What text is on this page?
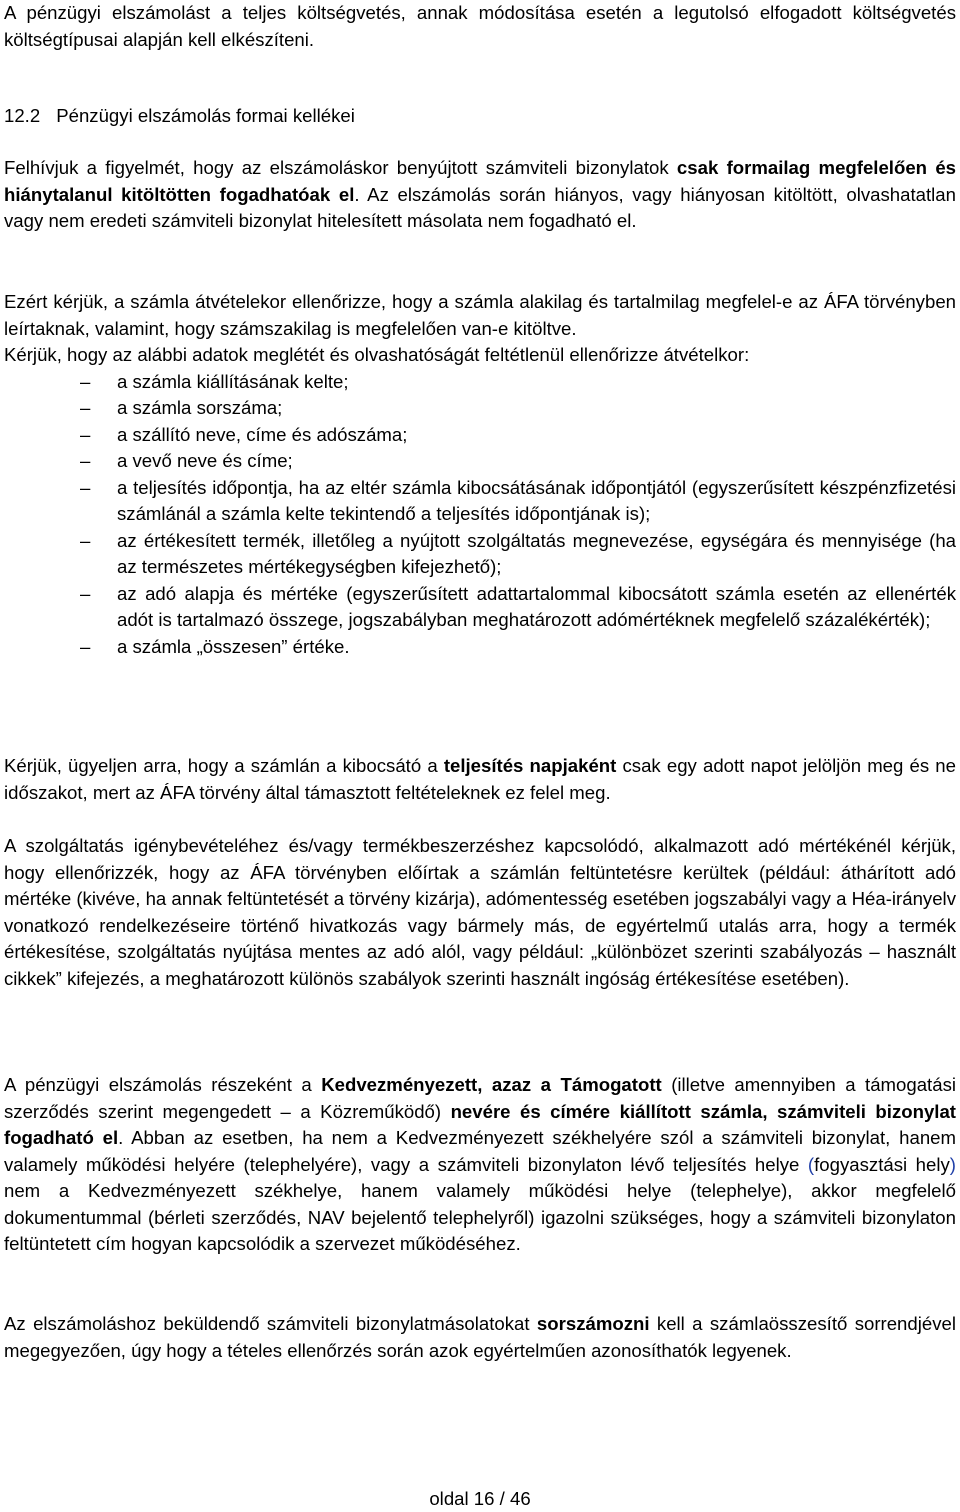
A pénzügyi elszámolást a teljes költségvetés, annak módosítása esetén a legutolsó elfogadott költségvetés költségtípusai alapján kell elkészíteni.

12.2 Pénzügyi elszámolás formai kellékei

Felhívjuk a figyelmét, hogy az elszámoláskor benyújtott számviteli bizonylatok csak formailag megfelelően és hiánytalanul kitöltötten fogadhatóak el. Az elszámolás során hiányos, vagy hiányosan kitöltött, olvashatatlan vagy nem eredeti számviteli bizonylat hitelesített másolata nem fogadható el.

Ezért kérjük, a számla átvételekor ellenőrizze, hogy a számla alakilag és tartalmilag megfelel-e az ÁFA törvényben leírtaknak, valamint, hogy számszakilag is megfelelően van-e kitöltve.

Kérjük, hogy az alábbi adatok meglétét és olvashatóságát feltétlenül ellenőrizze átvételkor:

– a számla kiállításának kelte;
– a számla sorszáma;
– a szállító neve, címe és adószáma;
– a vevő neve és címe;
– a teljesítés időpontja, ha az eltér számla kibocsátásának időpontjától (egyszerűsített készpénzfizetési számlánál a számla kelte tekintendő a teljesítés időpontjának is);
– az értékesített termék, illetőleg a nyújtott szolgáltatás megnevezése, egységára és mennyisége (ha az természetes mértékegységben kifejezhető);
– az adó alapja és mértéke (egyszerűsített adattartalommal kibocsátott számla esetén az ellenérték adót is tartalmazó összege, jogszabályban meghatározott adómértéknek megfelelő százalékérték);
– a számla „összesen” értéke.

Kérjük, ügyeljen arra, hogy a számlán a kibocsátó a teljesítés napjaként csak egy adott napot jelöljön meg és ne időszakot, mert az ÁFA törvény által támasztott feltételeknek ez felel meg.

A szolgáltatás igénybevételéhez és/vagy termékbeszerzéshez kapcsolódó, alkalmazott adó mértékénél kérjük, hogy ellenőrizzék, hogy az ÁFA törvényben előírtak a számlán feltüntetésre kerültek (például: áthárított adó mértéke (kivéve, ha annak feltüntetését a törvény kizárja), adómentesség esetében jogszabályi vagy a Héa-irányelv vonatkozó rendelkezéseire történő hivatkozás vagy bármely más, de egyértelmű utalás arra, hogy a termék értékesítése, szolgáltatás nyújtása mentes az adó alól, vagy például: „különbözet szerinti szabályozás – használt cikkek” kifejezés, a meghatározott különös szabályok szerinti használt ingóság értékesítése esetében).

A pénzügyi elszámolás részeként a Kedvezményezett, azaz a Támogatott (illetve amennyiben a támogatási szerződés szerint megengedett – a Közreműködő) nevére és címére kiállított számla, számviteli bizonylat fogadható el. Abban az esetben, ha nem a Kedvezményezett székhelyére szól a számviteli bizonylat, hanem valamely működési helyére (telephelyére), vagy a számviteli bizonylaton lévő teljesítés helye (fogyasztási hely) nem a Kedvezményezett székhelye, hanem valamely működési helye (telephelye), akkor megfelelő dokumentummal (bérleti szerződés, NAV bejelentő telephelyről) igazolni szükséges, hogy a számviteli bizonylaton feltüntetett cím hogyan kapcsolódik a szervezet működéséhez.

Az elszámoláshoz beküldendő számviteli bizonylatmásolatokat sorszámozni kell a számlaösszesítő sorrendjével megegyezően, úgy hogy a tételes ellenőrzés során azok egyértelműen azonosíthatók legyenek.

oldal 16 / 46
